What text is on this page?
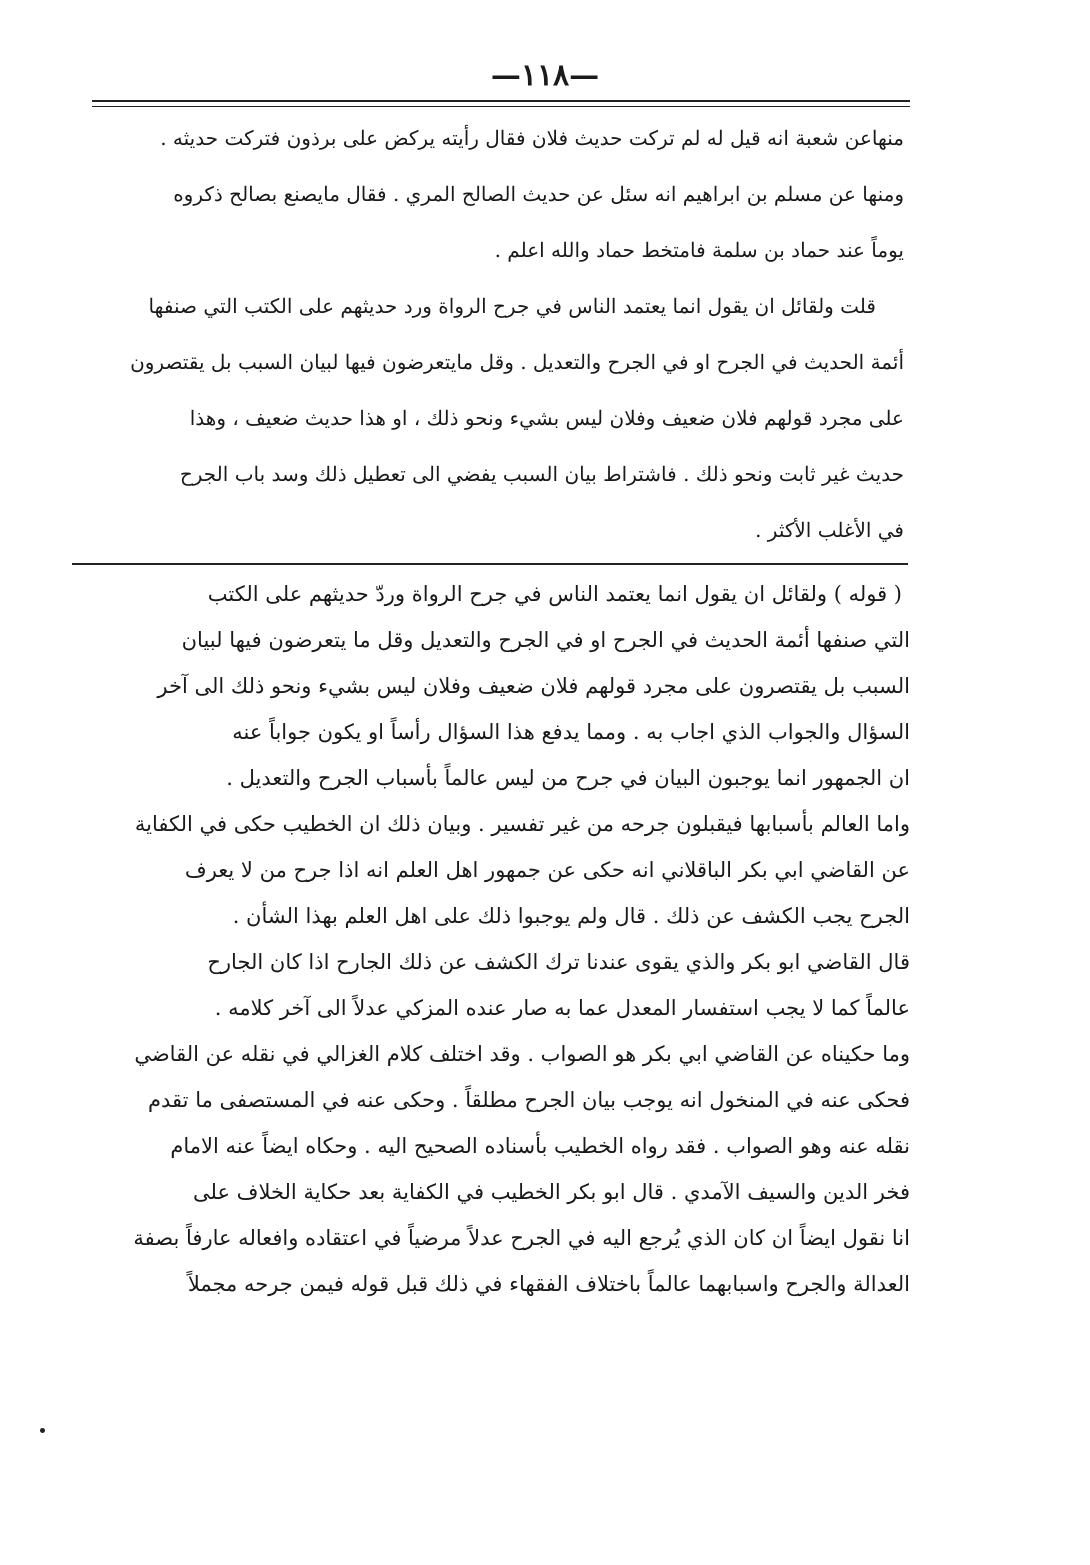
—١١٨—

منهاعن شعبة انه قيل له لم تركت حديث فلان فقال رأيته يركض على برذون فتركت حديثه .

ومنها عن مسلم بن ابراهيم انه سئل عن حديث الصالح المري . فقال مايصنع بصالح ذكروه

يوماً عند حماد بن سلمة فامتخط حماد والله اعلم .

قلت ولقائل ان يقول انما يعتمد الناس في جرح الرواة ورد حديثهم على الكتب التي صنفها

أئمة الحديث في الجرح او في الجرح والتعديل . وقل مايتعرضون فيها لبيان السبب بل يقتصرون

على مجرد قولهم فلان ضعيف وفلان ليس بشيء ونحو ذلك ، او هذا حديث ضعيف ، وهذا

حديث غير ثابت ونحو ذلك . فاشتراط بيان السبب يفضي الى تعطيل ذلك وسد باب الجرح

في الأغلب الأكثر .

( قوله ) ولقائل ان يقول انما يعتمد الناس في جرح الرواة وردّ حديثهم على الكتب

التي صنفها أئمة الحديث في الجرح او في الجرح والتعديل وقل ما يتعرضون فيها لبيان

السبب بل يقتصرون على مجرد قولهم فلان ضعيف وفلان ليس بشيء ونحو ذلك الى آخر

السؤال والجواب الذي اجاب به . ومما يدفع هذا السؤال رأساً او يكون جواباً عنه

ان الجمهور انما يوجبون البيان في جرح من ليس عالماً بأسباب الجرح والتعديل .

واما العالم بأسبابها فيقبلون جرحه من غير تفسير . وبيان ذلك ان الخطيب حكى في الكفاية

عن القاضي ابي بكر الباقلاني انه حكى عن جمهور اهل العلم انه اذا جرح من لا يعرف

الجرح يجب الكشف عن ذلك . قال ولم يوجبوا ذلك على اهل العلم بهذا الشأن .

قال القاضي ابو بكر والذي يقوى عندنا ترك الكشف عن ذلك الجارح اذا كان الجارح

عالماً كما لا يجب استفسار المعدل عما به صار عنده المزكي عدلاً الى آخر كلامه .

وما حكيناه عن القاضي ابي بكر هو الصواب . وقد اختلف كلام الغزالي في نقله عن القاضي

فحكى عنه في المنخول انه يوجب بيان الجرح مطلقاً . وحكى عنه في المستصفى ما تقدم

نقله عنه وهو الصواب . فقد رواه الخطيب بأسناده الصحيح اليه . وحكاه ايضاً عنه الامام

فخر الدين والسيف الآمدي . قال ابو بكر الخطيب في الكفاية بعد حكاية الخلاف على

انا نقول ايضاً ان كان الذي يُرجع اليه في الجرح عدلاً مرضياً في اعتقاده وافعاله عارفاً بصفة

العدالة والجرح واسبابهما عالماً باختلاف الفقهاء في ذلك قبل قوله فيمن جرحه مجملاً
